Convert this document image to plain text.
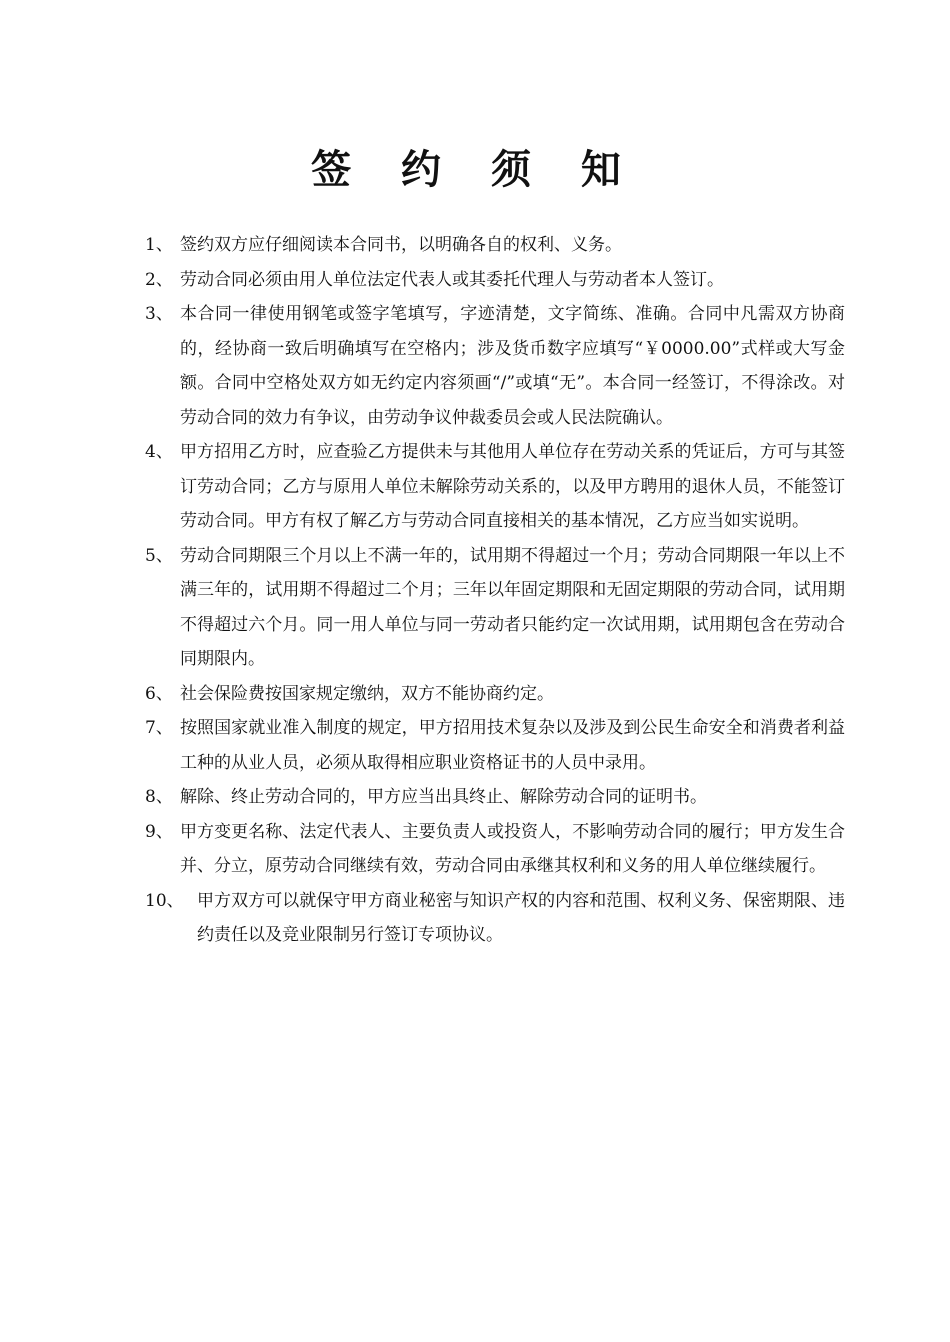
签 约 须 知
1、 签约双方应仔细阅读本合同书，以明确各自的权利、义务。
2、 劳动合同必须由用人单位法定代表人或其委托代理人与劳动者本人签订。
3、 本合同一律使用钢笔或签字笔填写，字迹清楚，文字简练、准确。合同中凡需双方协商的，经协商一致后明确填写在空格内；涉及货币数字应填写“￥0000.00”式样或大写金额。合同中空格处双方如无约定内容须画“/”或填“无”。本合同一经签订，不得涂改。对劳动合同的效力有争议，由劳动争议仲裁委员会或人民法院确认。
4、 甲方招用乙方时，应查验乙方提供未与其他用人单位存在劳动关系的凭证后，方可与其签订劳动合同；乙方与原用人单位未解除劳动关系的，以及甲方聘用的退休人员，不能签订劳动合同。甲方有权了解乙方与劳动合同直接相关的基本情况，乙方应当如实说明。
5、 劳动合同期限三个月以上不满一年的，试用期不得超过一个月；劳动合同期限一年以上不满三年的，试用期不得超过二个月；三年以年固定期限和无固定期限的劳动合同，试用期不得超过六个月。同一用人单位与同一劳动者只能约定一次试用期，试用期包含在劳动合同期限内。
6、 社会保险费按国家规定缴纳，双方不能协商约定。
7、 按照国家就业准入制度的规定，甲方招用技术复杂以及涉及到公民生命安全和消费者利益工种的从业人员，必须从取得相应职业资格证书的人员中录用。
8、 解除、终止劳动合同的，甲方应当出具终止、解除劳动合同的证明书。
9、 甲方变更名称、法定代表人、主要负责人或投资人，不影响劳动合同的履行；甲方发生合并、分立，原劳动合同继续有效，劳动合同由承继其权利和义务的用人单位继续履行。
10、 甲方双方可以就保守甲方商业秘密与知识产权的内容和范围、权利义务、保密期限、违约责任以及竞业限制另行签订专项协议。
